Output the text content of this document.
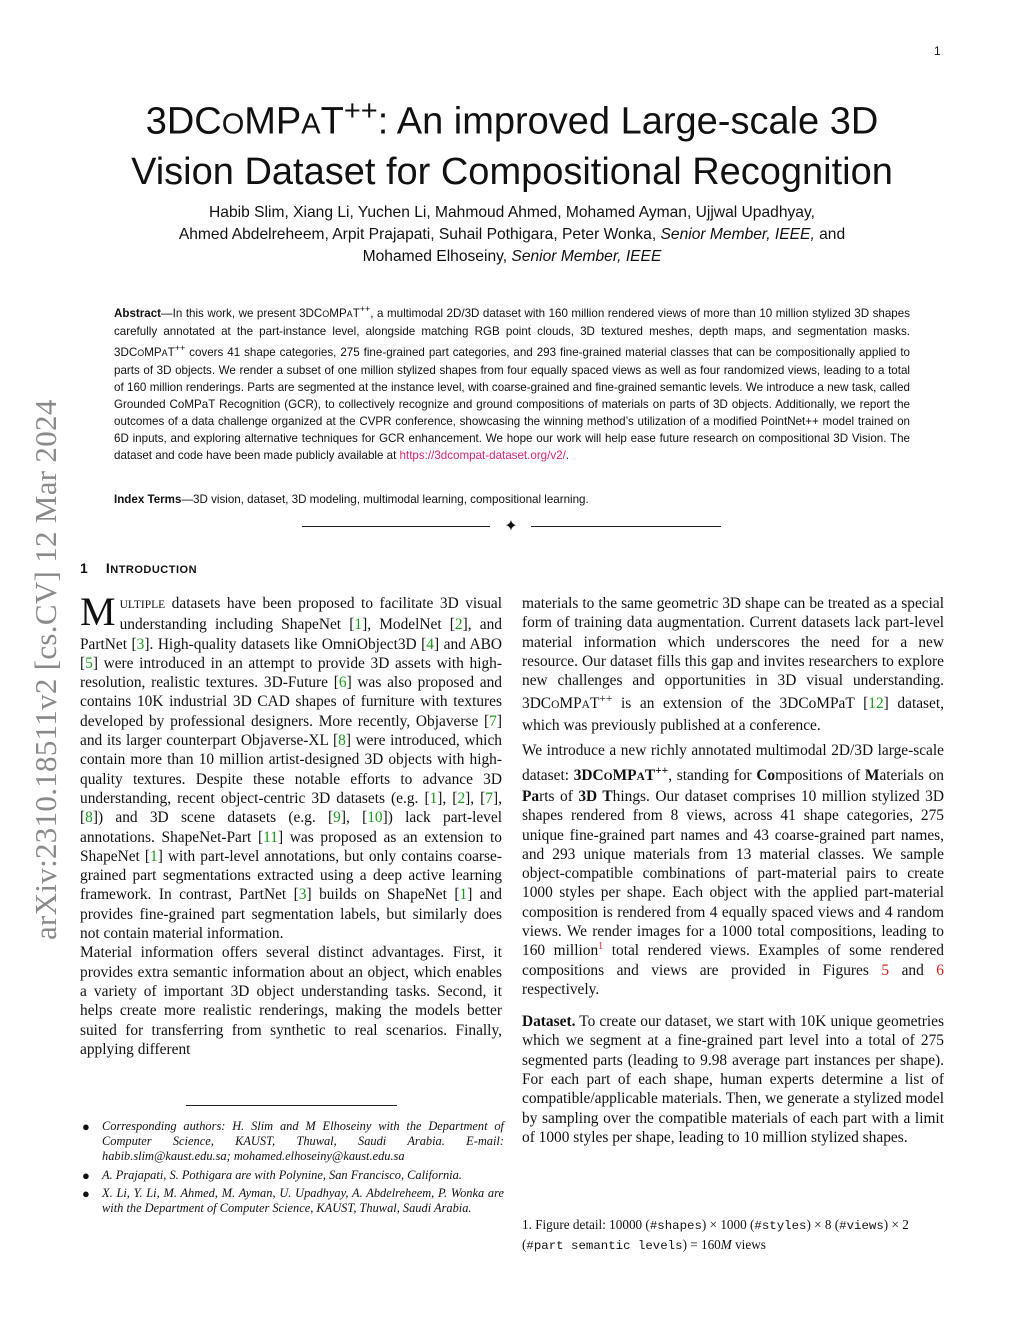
1
arXiv:2310.18511v2 [cs.CV] 12 Mar 2024
3DCOMPAT++: An improved Large-scale 3D
Vision Dataset for Compositional Recognition
Habib Slim, Xiang Li, Yuchen Li, Mahmoud Ahmed, Mohamed Ayman, Ujjwal Upadhyay,
Ahmed Abdelreheem, Arpit Prajapati, Suhail Pothigara, Peter Wonka, Senior Member, IEEE, and
Mohamed Elhoseiny, Senior Member, IEEE
Abstract—In this work, we present 3DCOMPAT++, a multimodal 2D/3D dataset with 160 million rendered views of more than 10 million stylized 3D shapes carefully annotated at the part-instance level, alongside matching RGB point clouds, 3D textured meshes, depth maps, and segmentation masks. 3DCOMPAT++ covers 41 shape categories, 275 fine-grained part categories, and 293 fine-grained material classes that can be compositionally applied to parts of 3D objects. We render a subset of one million stylized shapes from four equally spaced views as well as four randomized views, leading to a total of 160 million renderings. Parts are segmented at the instance level, with coarse-grained and fine-grained semantic levels. We introduce a new task, called Grounded CoMPaT Recognition (GCR), to collectively recognize and ground compositions of materials on parts of 3D objects. Additionally, we report the outcomes of a data challenge organized at the CVPR conference, showcasing the winning method’s utilization of a modified PointNet++ model trained on 6D inputs, and exploring alternative techniques for GCR enhancement. We hope our work will help ease future research on compositional 3D Vision. The dataset and code have been made publicly available at https://3dcompat-dataset.org/v2/.
Index Terms—3D vision, dataset, 3D modeling, multimodal learning, compositional learning.
✦
1 INTRODUCTION

MULTIPLE datasets have been proposed to facilitate 3D visual understanding including ShapeNet [1], ModelNet [2], and PartNet [3]. High-quality datasets like OmniObject3D [4] and ABO [5] were introduced in an attempt to provide 3D assets with high-resolution, realistic textures. 3D-Future [6] was also proposed and contains 10K industrial 3D CAD shapes of furniture with textures developed by professional designers. More recently, Objaverse [7] and its larger counterpart Objaverse-XL [8] were introduced, which contain more than 10 million artist-designed 3D objects with high-quality textures. Despite these notable efforts to advance 3D understanding, recent object-centric 3D datasets (e.g. [1], [2], [7], [8]) and 3D scene datasets (e.g. [9], [10]) lack part-level annotations. ShapeNet-Part [11] was proposed as an extension to ShapeNet [1] with part-level annotations, but only contains coarse-grained part segmentations extracted using a deep active learning framework. In contrast, PartNet [3] builds on ShapeNet [1] and provides fine-grained part segmentation labels, but similarly does not contain material information.

Material information offers several distinct advantages. First, it provides extra semantic information about an object, which enables a variety of important 3D object understanding tasks. Second, it helps create more realistic renderings, making the models better suited for transferring from synthetic to real scenarios. Finally, applying different

materials to the same geometric 3D shape can be treated as a special form of training data augmentation. Current datasets lack part-level material information which underscores the need for a new resource. Our dataset fills this gap and invites researchers to explore new challenges and opportunities in 3D visual understanding. 3DCOMPAT++ is an extension of the 3DCoMPaT [12] dataset, which was previously published at a conference.

We introduce a new richly annotated multimodal 2D/3D large-scale dataset: 3DCOMPAT++, standing for Compositions of Materials on Parts of 3D Things. Our dataset comprises 10 million stylized 3D shapes rendered from 8 views, across 41 shape categories, 275 unique fine-grained part names and 43 coarse-grained part names, and 293 unique materials from 13 material classes. We sample object-compatible combinations of part-material pairs to create 1000 styles per shape. Each object with the applied part-material composition is rendered from 4 equally spaced views and 4 random views. We render images for a 1000 total compositions, leading to 160 million$^1$ total rendered views. Examples of some rendered compositions and views are provided in Figures 5 and 6 respectively.

Dataset. To create our dataset, we start with 10K unique geometries which we segment at a fine-grained part level into a total of 275 segmented parts (leading to 9.98 average part instances per shape). For each part of each shape, human experts determine a list of compatible/applicable materials. Then, we generate a stylized model by sampling over the compatible materials of each part with a limit of 1000 styles per shape, leading to 10 million stylized shapes.

● Corresponding authors: H. Slim and M Elhoseiny with the Department of Computer Science, KAUST, Thuwal, Saudi Arabia. E-mail: habib.slim@kaust.edu.sa; mohamed.elhoseiny@kaust.edu.sa
● A. Prajapati, S. Pothigara are with Polynine, San Francisco, California.
● X. Li, Y. Li, M. Ahmed, M. Ayman, U. Upadhyay, A. Abdelreheem, P. Wonka are with the Department of Computer Science, KAUST, Thuwal, Saudi Arabia.
1. Figure detail: 10000 (#shapes) × 1000 (#styles) × 8 (#views) × 2 (#part semantic levels) = 160M views
